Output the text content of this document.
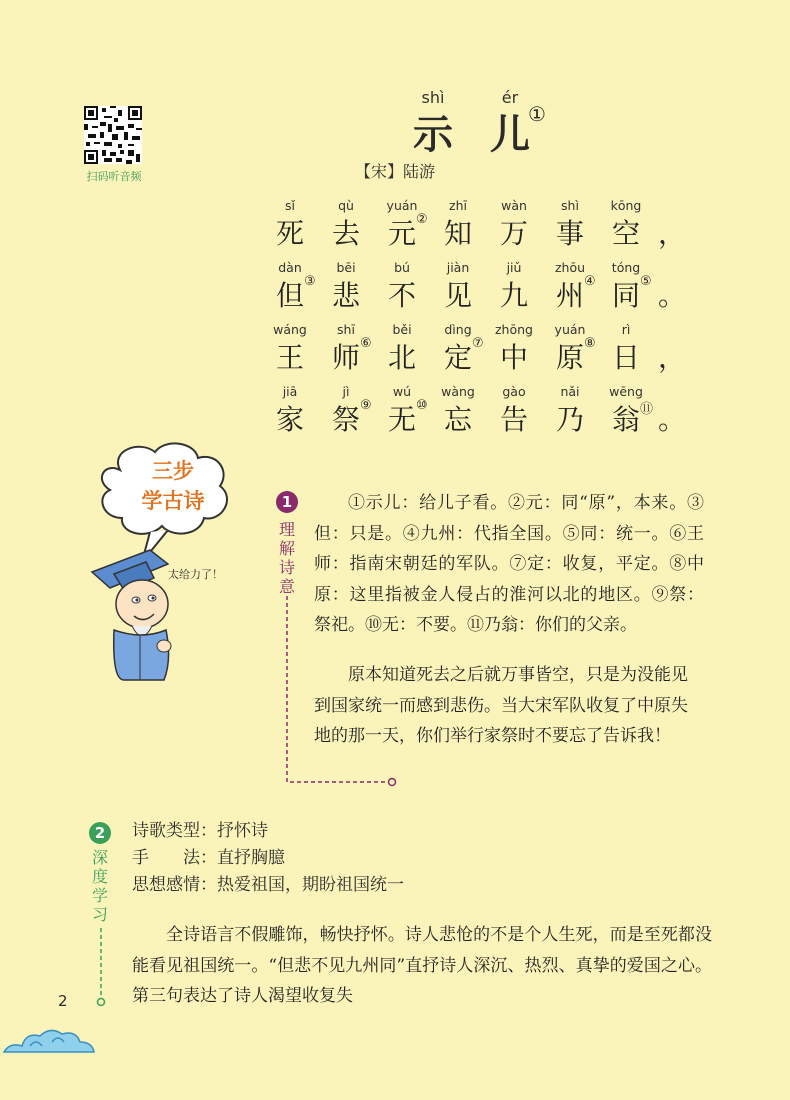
扫码听音频
shì
示
ér
儿
①
【宋】陆游
sǐ
死
qù
去
yuán
元 ②
zhī
知
wàn
万
shì
事
kōng
空 ，
dàn
但 ③
bēi
悲
bú
不
jiàn
见
jiǔ
九
zhōu
州 ④
tóng
同 ⑤ 。
wáng
王
shī
师 ⑥
běi
北
dìng
定 ⑦
zhōng
中
yuán
原 ⑧
rì
日 ，
jiā
家
jì
祭 ⑨
wú
无 ⑩
wàng
忘
gào
告
nǎi
乃
wēng
翁 ⑪ 。
三步
学古诗
太给力了！
1
理解诗意

①示儿：给儿子看。②元：同“原”，本来。③但：只是。④九州：代指全国。⑤同：统一。⑥王师：指南宋朝廷的军队。⑦定：收复，平定。⑧中原：这里指被金人侵占的淮河以北的地区。⑨祭：祭祀。⑩无：不要。⑪乃翁：你们的父亲。

原本知道死去之后就万事皆空，只是为没能见到国家统一而感到悲伤。当大宋军队收复了中原失地的那一天，你们举行家祭时不要忘了告诉我！

2
深度学习
诗歌类型：抒怀诗
手　　法：直抒胸臆
思想感情：热爱祖国，期盼祖国统一

全诗语言不假雕饰，畅快抒怀。诗人悲怆的不是个人生死，而是至死都没能看见祖国统一。“但悲不见九州同”直抒诗人深沉、热烈、真挚的爱国之心。第三句表达了诗人渴望收复失

2
